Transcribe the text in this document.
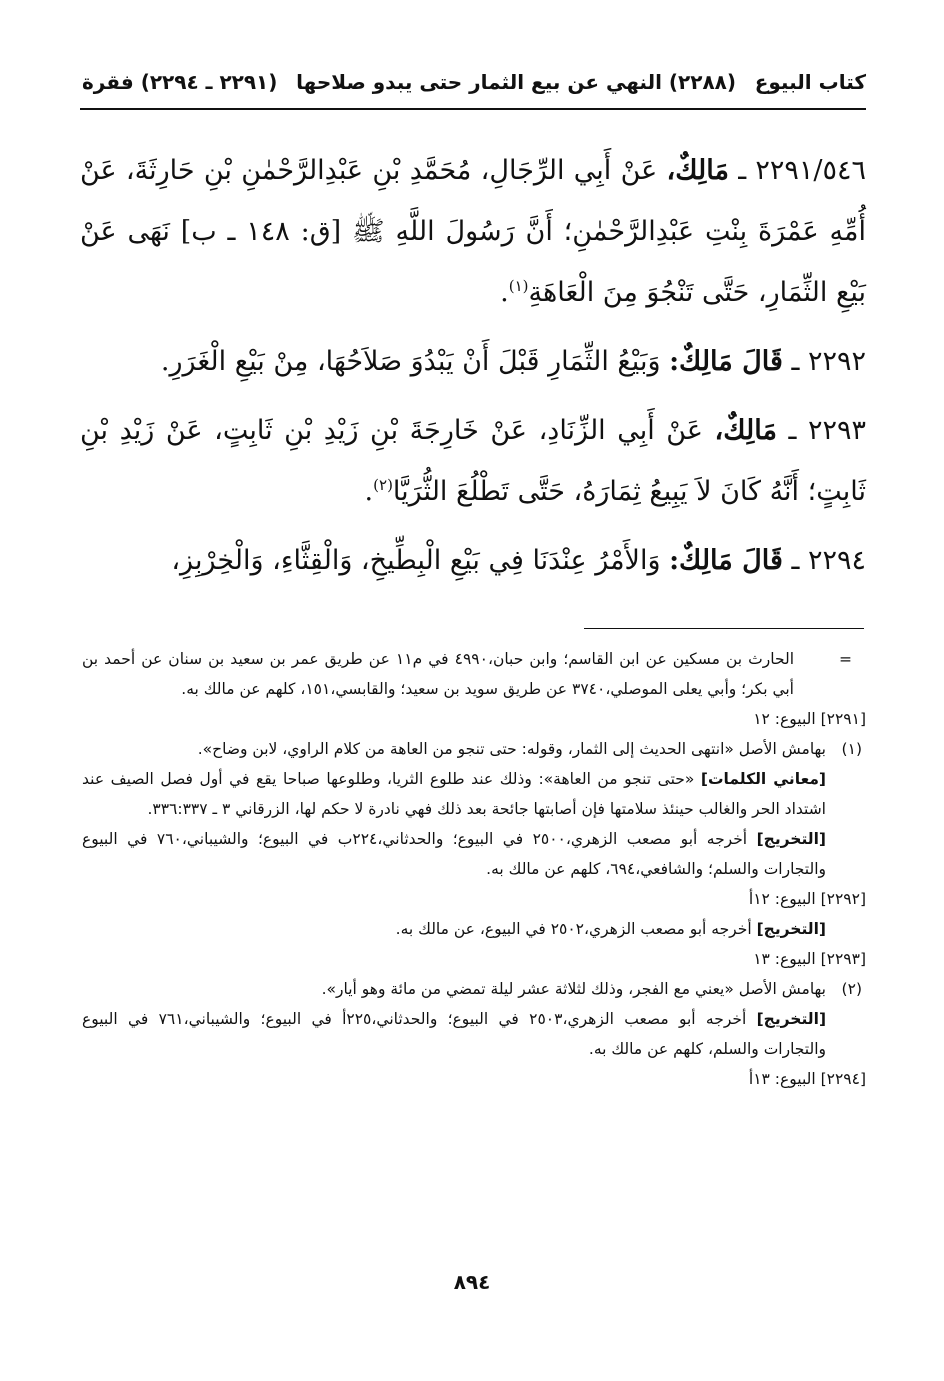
كتاب البيوع
(٢٢٨٨) النهي عن بيع الثمار حتى يبدو صلاحها
(٢٢٩١ ـ ٢٢٩٤) فقرة

٢٢٩١/٥٤٦ ـ مَالِكٌ، عَنْ أَبِي الرِّجَالِ، مُحَمَّدِ بْنِ عَبْدِالرَّحْمٰنِ بْنِ حَارِثَةَ، عَنْ أُمِّهِ عَمْرَةَ بِنْتِ عَبْدِالرَّحْمٰنِ؛ أَنَّ رَسُولَ اللَّهِ ﷺ [ق: ١٤٨ ـ ب] نَهَى عَنْ بَيْعِ الثِّمَارِ، حَتَّى تَنْجُوَ مِنَ الْعَاهَةِ$^{(١)}$.

٢٢٩٢ ـ قَالَ مَالِكٌ: وَبَيْعُ الثِّمَارِ قَبْلَ أَنْ يَبْدُوَ صَلاَحُهَا، مِنْ بَيْعِ الْغَرَرِ.

٢٢٩٣ ـ مَالِكٌ، عَنْ أَبِي الزِّنَادِ، عَنْ خَارِجَةَ بْنِ زَيْدِ بْنِ ثَابِتٍ، عَنْ زَيْدِ بْنِ ثَابِتٍ؛ أَنَّهُ كَانَ لاَ يَبِيعُ ثِمَارَهُ، حَتَّى تَطْلُعَ الثُّرَيَّا$^{(٢)}$.

٢٢٩٤ ـ قَالَ مَالِكٌ: وَالأَمْرُ عِنْدَنَا فِي بَيْعِ الْبِطِّيخِ، وَالْقِثَّاءِ، وَالْخِرْبِزِ،

=
الحارث بن مسكين عن ابن القاسم؛ وابن حبان،٤٩٩٠ في م١١ عن طريق عمر بن سعيد بن سنان عن أحمد بن أبي بكر؛ وأبي يعلى الموصلي،٣٧٤٠ عن طريق سويد بن سعيد؛ والقابسي،١٥١، كلهم عن مالك به.

[٢٢٩١] البيوع: ١٢

(١)
بهامش الأصل «انتهى الحديث إلى الثمار، وقوله: حتى تنجو من العاهة من كلام الراوي، لابن وضاح».

[معاني الكلمات] «حتى تنجو من العاهة»: وذلك عند طلوع الثريا، وطلوعها صباحا يقع في أول فصل الصيف عند اشتداد الحر والغالب حينئذ سلامتها فإن أصابتها جائحة بعد ذلك فهي نادرة لا حكم لها، الزرقاني ٣ ـ ٣٣٦:٣٣٧.

[التخريج] أخرجه أبو مصعب الزهري،٢٥٠٠ في البيوع؛ والحدثاني،٢٢٤ب في البيوع؛ والشيباني،٧٦٠ في البيوع والتجارات والسلم؛ والشافعي،٦٩٤، كلهم عن مالك به.

[٢٢٩٢] البيوع: ١٢أ

[التخريج] أخرجه أبو مصعب الزهري،٢٥٠٢ في البيوع، عن مالك به.

[٢٢٩٣] البيوع: ١٣

(٢)
بهامش الأصل «يعني مع الفجر، وذلك لثلاثة عشر ليلة تمضي من مائة وهو أيار».

[التخريج] أخرجه أبو مصعب الزهري،٢٥٠٣ في البيوع؛ والحدثاني،٢٢٥أ في البيوع؛ والشيباني،٧٦١ في البيوع والتجارات والسلم، كلهم عن مالك به.

[٢٢٩٤] البيوع: ١٣أ

٨٩٤
